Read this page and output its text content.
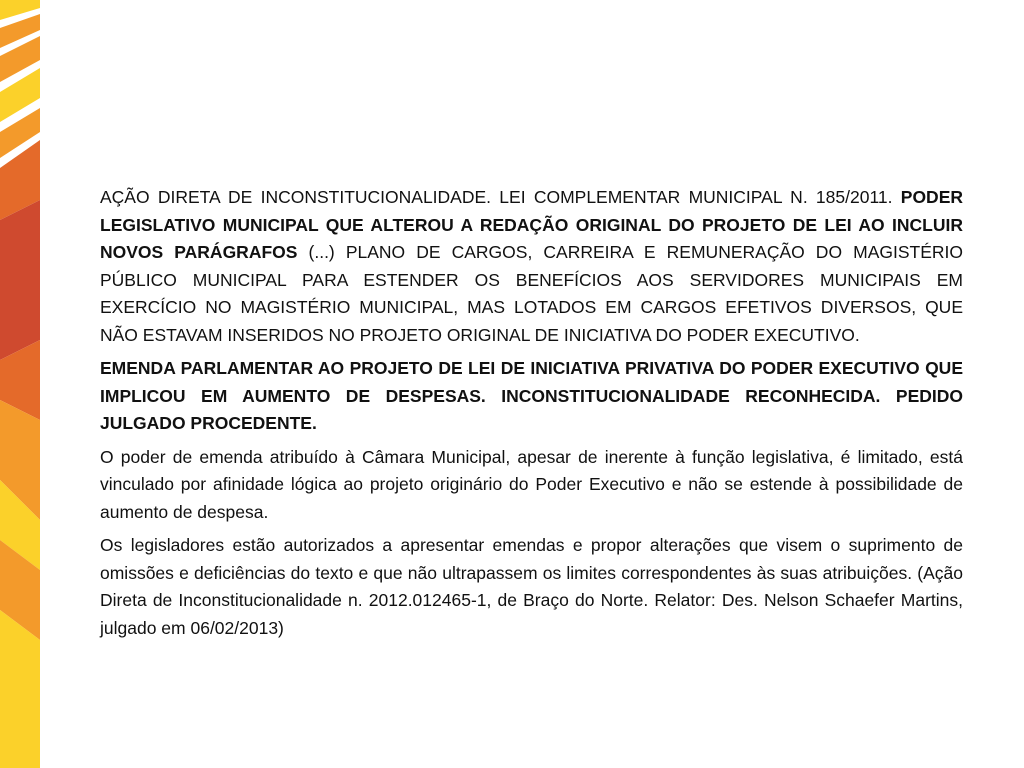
AÇÃO DIRETA DE INCONSTITUCIONALIDADE. LEI COMPLEMENTAR MUNICIPAL N. 185/2011. PODER LEGISLATIVO MUNICIPAL QUE ALTEROU A REDAÇÃO ORIGINAL DO PROJETO DE LEI AO INCLUIR NOVOS PARÁGRAFOS (...) PLANO DE CARGOS, CARREIRA E REMUNERAÇÃO DO MAGISTÉRIO PÚBLICO MUNICIPAL PARA ESTENDER OS BENEFÍCIOS AOS SERVIDORES MUNICIPAIS EM EXERCÍCIO NO MAGISTÉRIO MUNICIPAL, MAS LOTADOS EM CARGOS EFETIVOS DIVERSOS, QUE NÃO ESTAVAM INSERIDOS NO PROJETO ORIGINAL DE INICIATIVA DO PODER EXECUTIVO.

EMENDA PARLAMENTAR AO PROJETO DE LEI DE INICIATIVA PRIVATIVA DO PODER EXECUTIVO QUE IMPLICOU EM AUMENTO DE DESPESAS. INCONSTITUCIONALIDADE RECONHECIDA. PEDIDO JULGADO PROCEDENTE.

O poder de emenda atribuído à Câmara Municipal, apesar de inerente à função legislativa, é limitado, está vinculado por afinidade lógica ao projeto originário do Poder Executivo e não se estende à possibilidade de aumento de despesa.

Os legisladores estão autorizados a apresentar emendas e propor alterações que visem o suprimento de omissões e deficiências do texto e que não ultrapassem os limites correspondentes às suas atribuições. (Ação Direta de Inconstitucionalidade n. 2012.012465-1, de Braço do Norte. Relator: Des. Nelson Schaefer Martins, julgado em 06/02/2013)
